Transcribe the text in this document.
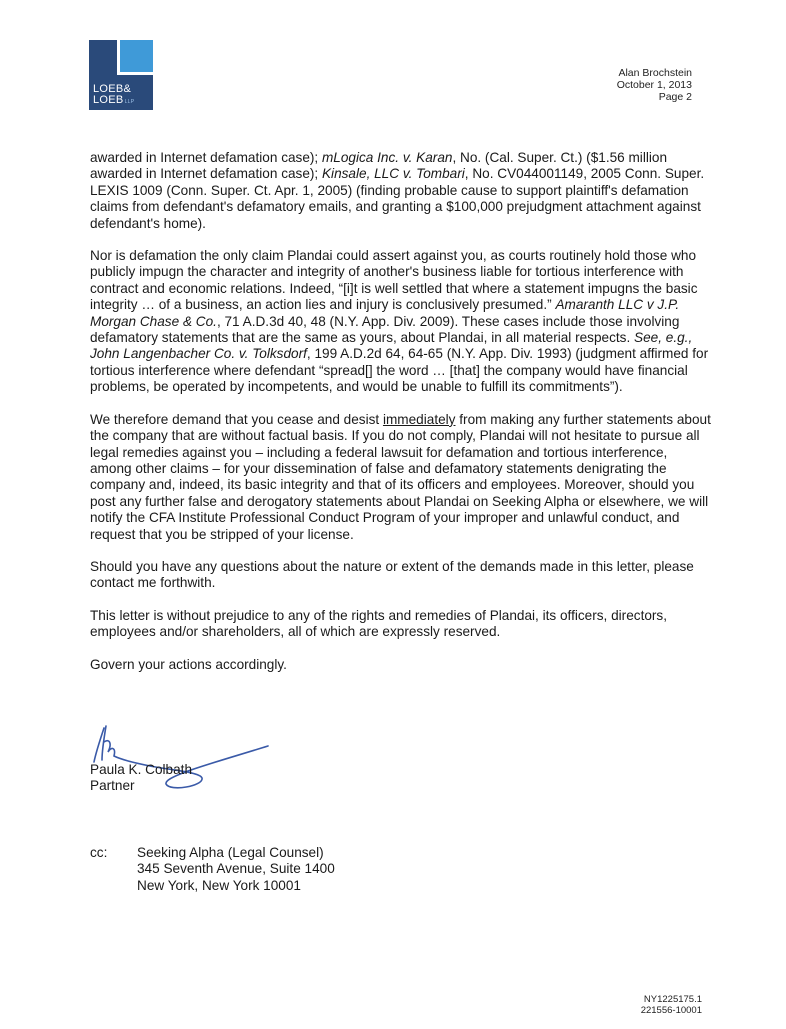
LOEB&
LOEBLLP
Alan Brochstein
October 1, 2013
Page 2

awarded in Internet defamation case); mLogica Inc. v. Karan, No. (Cal. Super. Ct.) ($1.56 million awarded in Internet defamation case); Kinsale, LLC v. Tombari, No. CV044001149, 2005 Conn. Super. LEXIS 1009 (Conn. Super. Ct. Apr. 1, 2005) (finding probable cause to support plaintiff's defamation claims from defendant's defamatory emails, and granting a $100,000 prejudgment attachment against defendant's home).

Nor is defamation the only claim Plandai could assert against you, as courts routinely hold those who publicly impugn the character and integrity of another's business liable for tortious interference with contract and economic relations. Indeed, “[i]t is well settled that where a statement impugns the basic integrity … of a business, an action lies and injury is conclusively presumed.” Amaranth LLC v J.P. Morgan Chase & Co., 71 A.D.3d 40, 48 (N.Y. App. Div. 2009). These cases include those involving defamatory statements that are the same as yours, about Plandai, in all material respects. See, e.g., John Langenbacher Co. v. Tolksdorf, 199 A.D.2d 64, 64-65 (N.Y. App. Div. 1993) (judgment affirmed for tortious interference where defendant “spread[] the word … [that] the company would have financial problems, be operated by incompetents, and would be unable to fulfill its commitments”).

We therefore demand that you cease and desist immediately from making any further statements about the company that are without factual basis. If you do not comply, Plandai will not hesitate to pursue all legal remedies against you – including a federal lawsuit for defamation and tortious interference, among other claims – for your dissemination of false and defamatory statements denigrating the company and, indeed, its basic integrity and that of its officers and employees. Moreover, should you post any further false and derogatory statements about Plandai on Seeking Alpha or elsewhere, we will notify the CFA Institute Professional Conduct Program of your improper and unlawful conduct, and request that you be stripped of your license.

Should you have any questions about the nature or extent of the demands made in this letter, please contact me forthwith.

This letter is without prejudice to any of the rights and remedies of Plandai, its officers, directors, employees and/or shareholders, all of which are expressly reserved.

Govern your actions accordingly.

Paula K. Colbath
Partner
cc: Seeking Alpha (Legal Counsel)
345 Seventh Avenue, Suite 1400
New York, New York 10001
NY1225175.1
221556-10001
